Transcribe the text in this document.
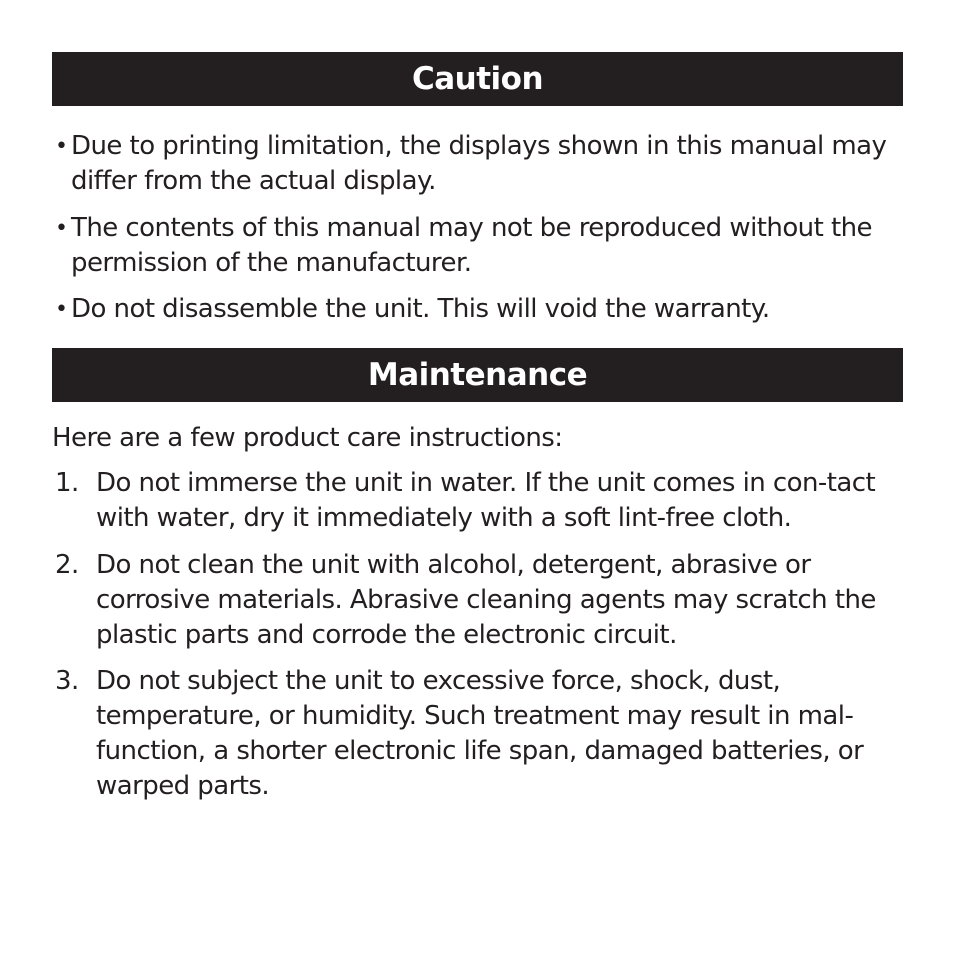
Caution
• Due to printing limitation, the displays shown in this manual may differ from the actual display.
• The contents of this manual may not be reproduced without the permission of the manufacturer.
• Do not disassemble the unit. This will void the warranty.
Maintenance
Here are a few product care instructions:
1. Do not immerse the unit in water. If the unit comes in con-tact with water, dry it immediately with a soft lint-free cloth.
2. Do not clean the unit with alcohol, detergent, abrasive or corrosive materials. Abrasive cleaning agents may scratch the plastic parts and corrode the electronic circuit.
3. Do not subject the unit to excessive force, shock, dust, temperature, or humidity. Such treatment may result in mal-function, a shorter electronic life span, damaged batteries, or warped parts.
